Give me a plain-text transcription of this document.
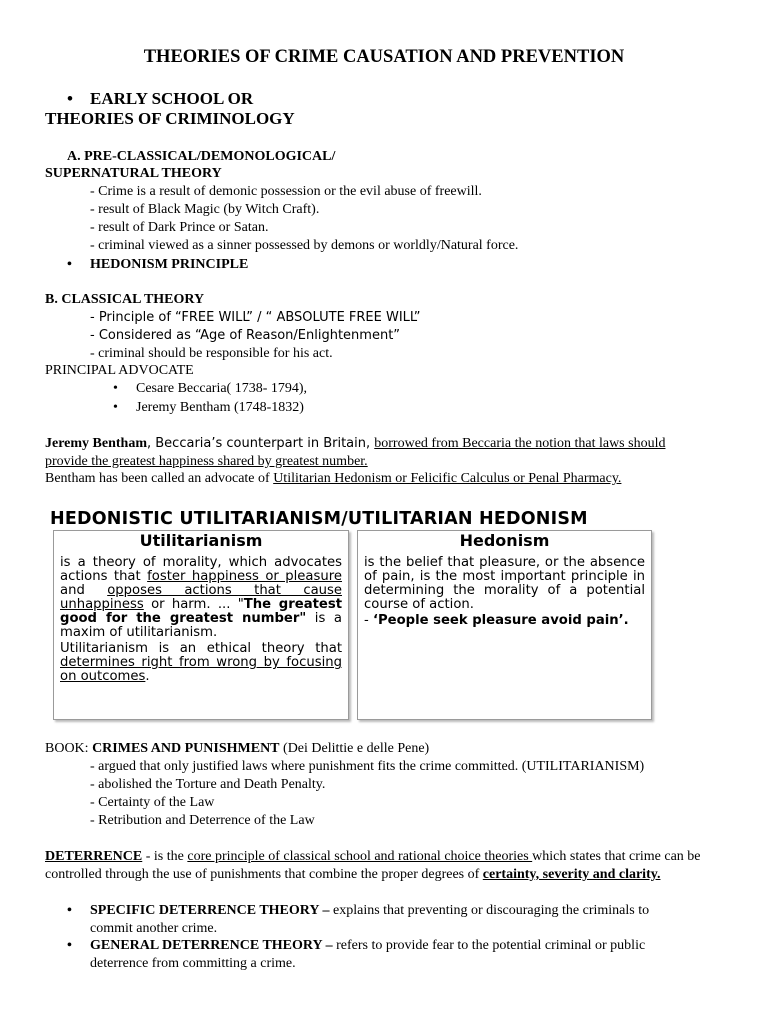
THEORIES OF CRIME CAUSATION AND PREVENTION
• EARLY SCHOOL OR
THEORIES OF CRIMINOLOGY
A. PRE-CLASSICAL/DEMONOLOGICAL/
SUPERNATURAL THEORY
- Crime is a result of demonic possession or the evil abuse of freewill.
- result of Black Magic (by Witch Craft).
- result of Dark Prince or Satan.
- criminal viewed as a sinner possessed by demons or worldly/Natural force.
• HEDONISM PRINCIPLE
B. CLASSICAL THEORY
- Principle of “FREE WILL” / “ ABSOLUTE FREE WILL”
- Considered as “Age of Reason/Enlightenment”
- criminal should be responsible for his act.
PRINCIPAL ADVOCATE
• Cesare Beccaria( 1738- 1794),
• Jeremy Bentham (1748-1832)
Jeremy Bentham, Beccaria’s counterpart in Britain, borrowed from Beccaria the notion that laws should
provide the greatest happiness shared by greatest number.
Bentham has been called an advocate of Utilitarian Hedonism or Felicific Calculus or Penal Pharmacy.
HEDONISTIC UTILITARIANISM/UTILITARIAN HEDONISM
Utilitarianism

is a theory of morality, which advocates actions that foster happiness or pleasure and opposes actions that cause unhappiness or harm. ... "The greatest good for the greatest number" is a maxim of utilitarianism.

Utilitarianism is an ethical theory that determines right from wrong by focusing on outcomes.

Hedonism

is the belief that pleasure, or the absence of pain, is the most important principle in determining the morality of a potential course of action.

- ‘People seek pleasure avoid pain’.

BOOK: CRIMES AND PUNISHMENT (Dei Delittie e delle Pene)
- argued that only justified laws where punishment fits the crime committed. (UTILITARIANISM)
- abolished the Torture and Death Penalty.
- Certainty of the Law
- Retribution and Deterrence of the Law
DETERRENCE - is the core principle of classical school and rational choice theories which states that crime can be controlled through the use of punishments that combine the proper degrees of certainty, severity and clarity.
• SPECIFIC DETERRENCE THEORY – explains that preventing or discouraging the criminals to
commit another crime.
• GENERAL DETERRENCE THEORY – refers to provide fear to the potential criminal or public
deterrence from committing a crime.
